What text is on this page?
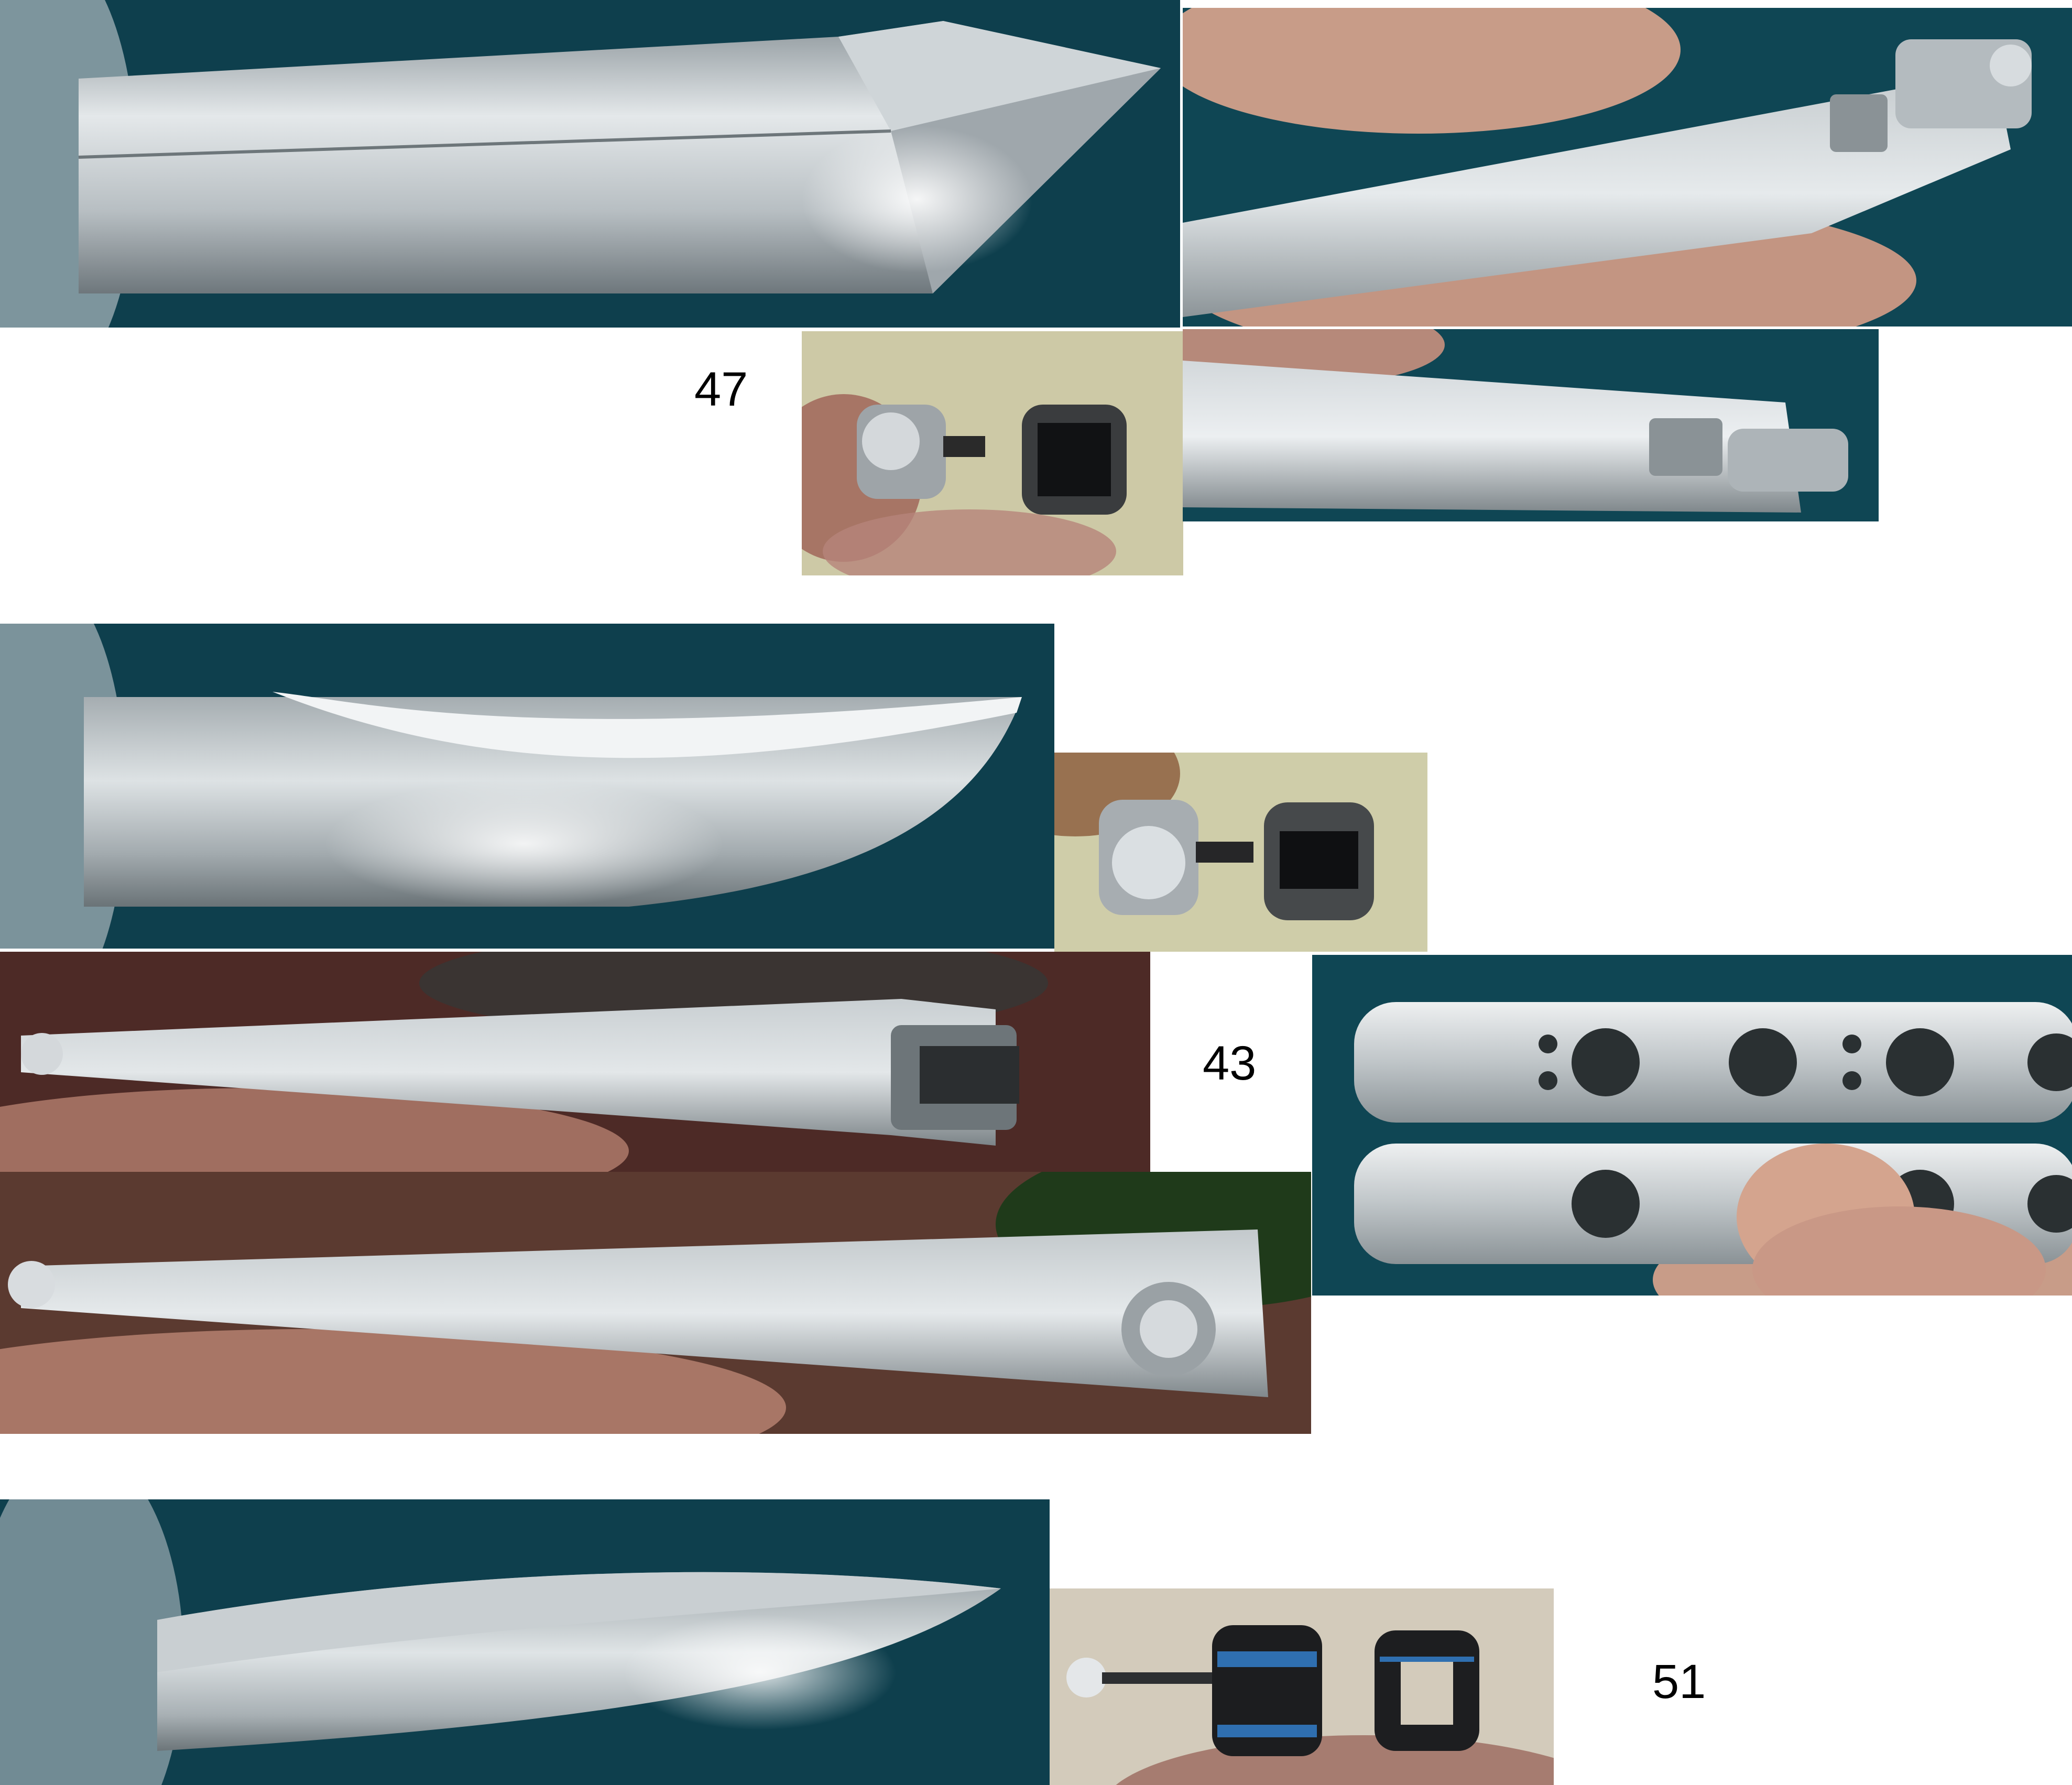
47
43
51
